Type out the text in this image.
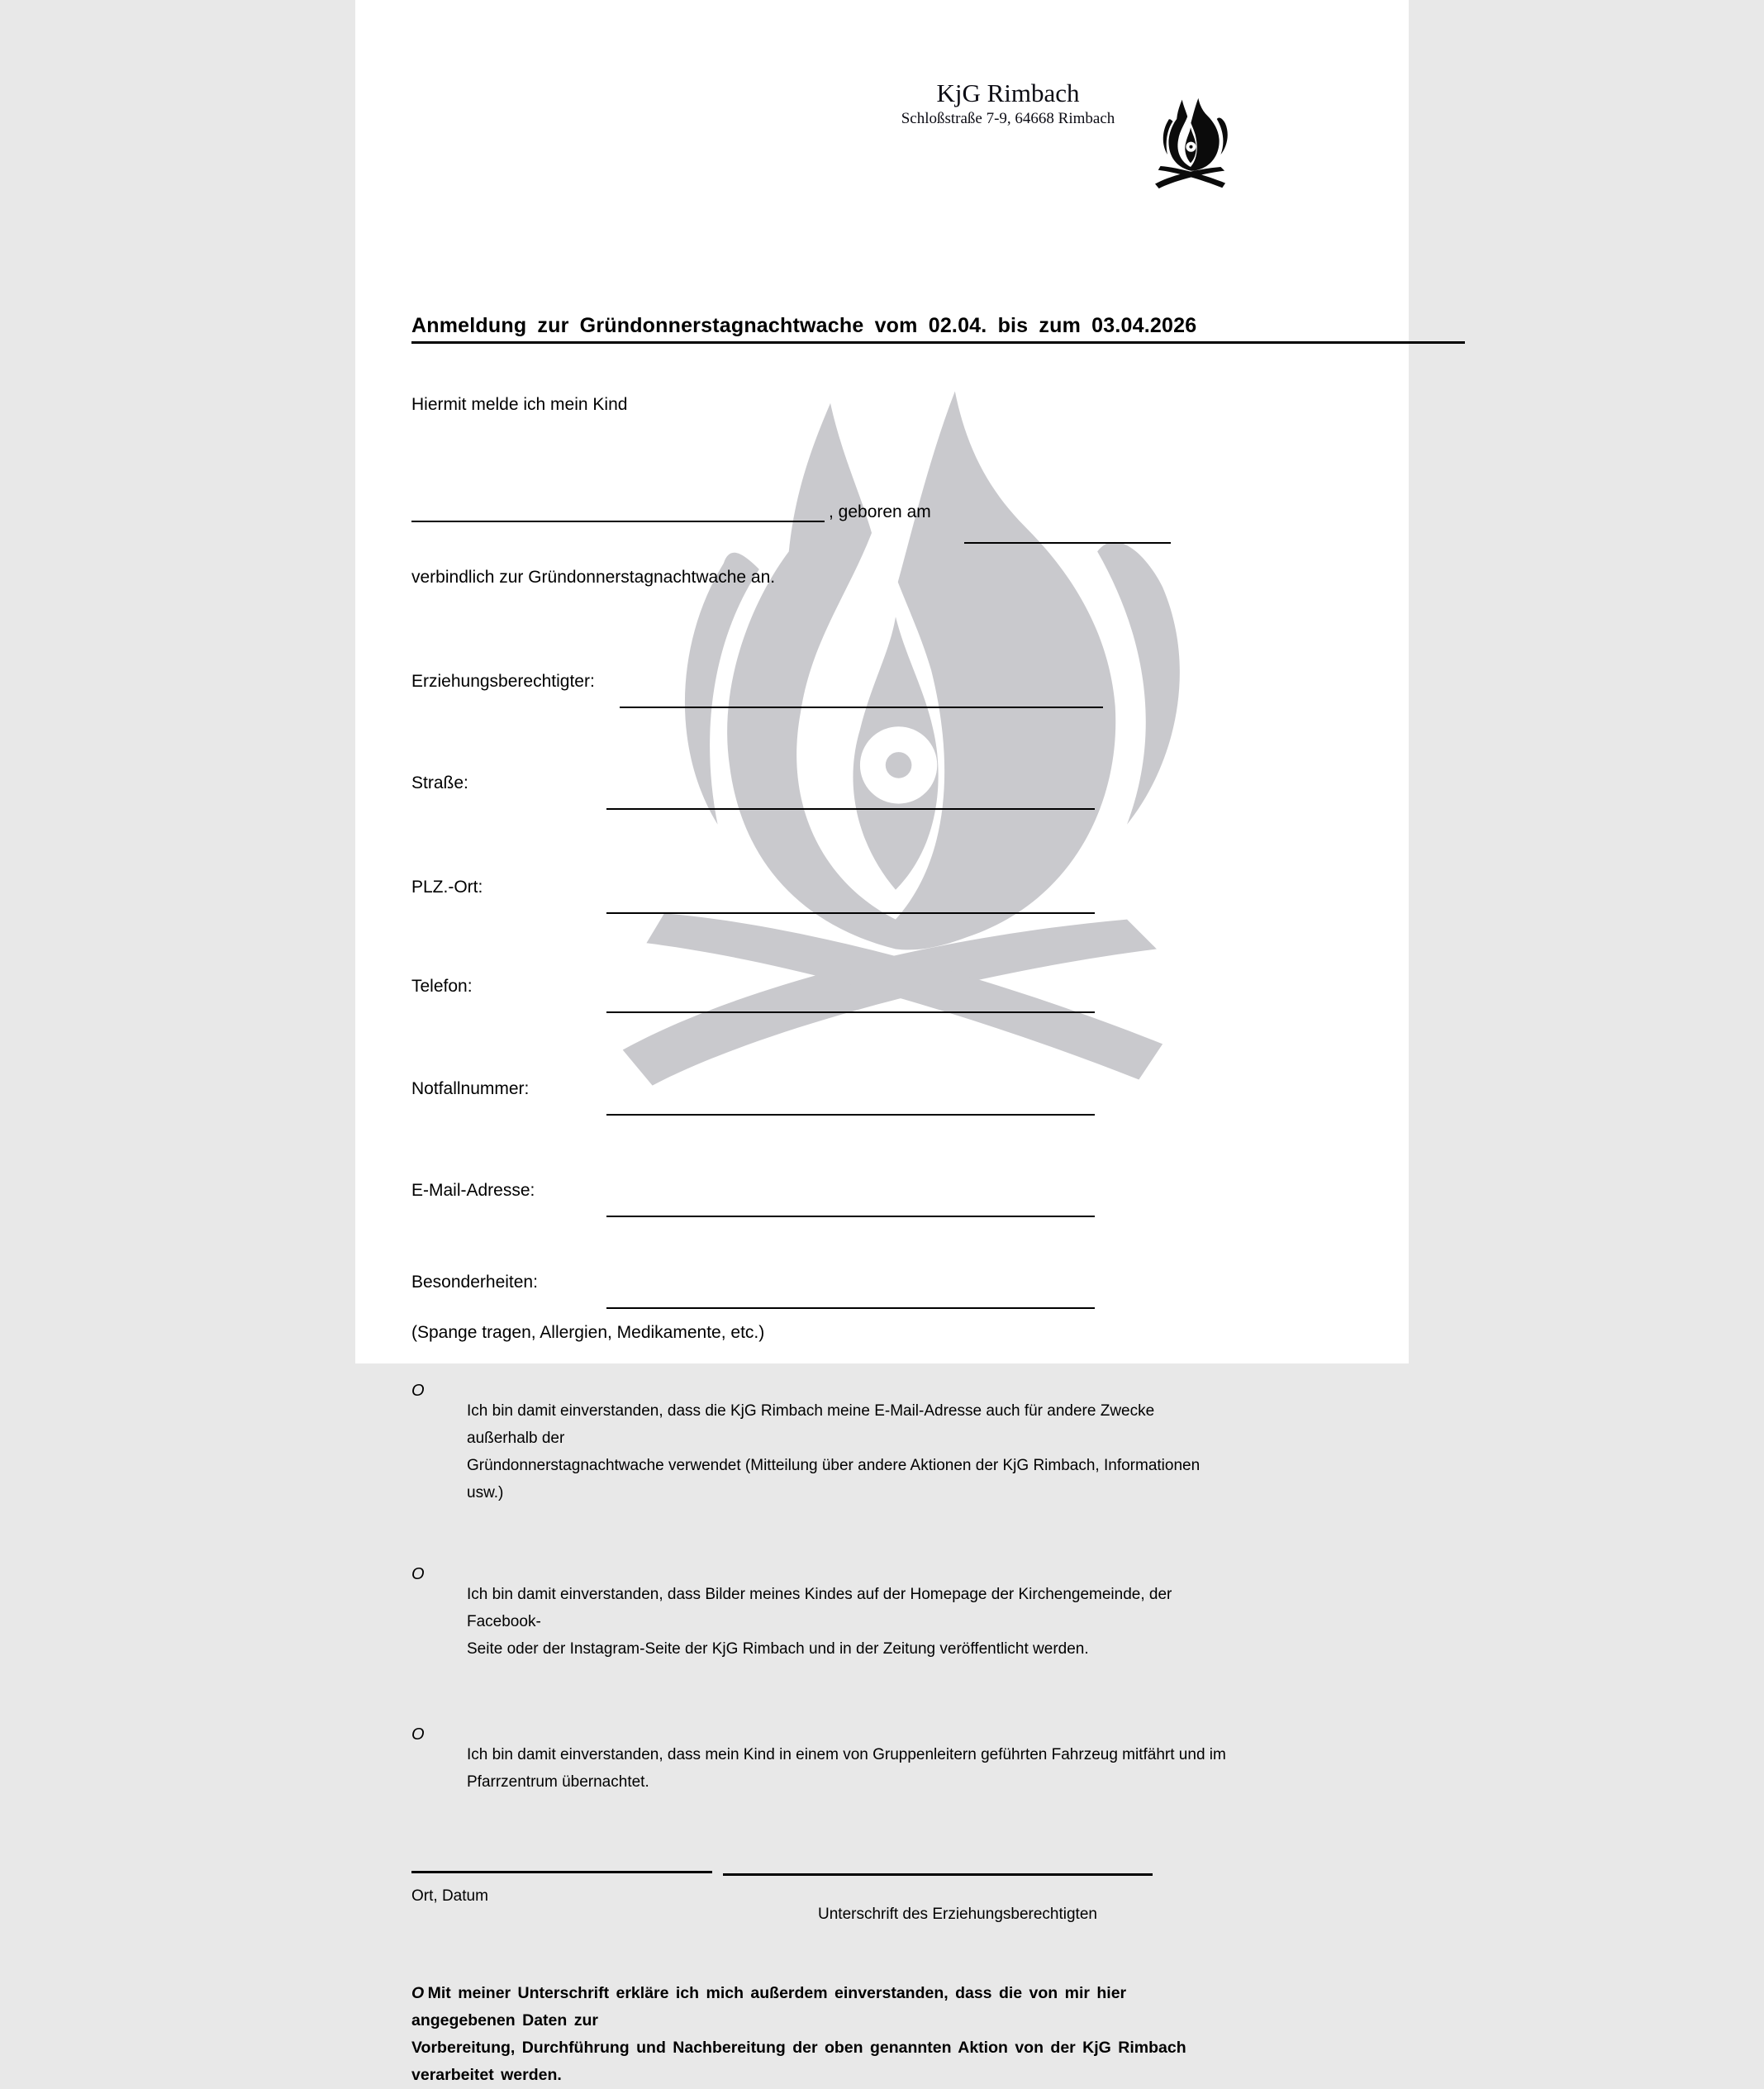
KjG Rimbach
Schloßstraße 7-9, 64668 Rimbach
Anmeldung zur Gründonnerstagnachtwache vom 02.04. bis zum 03.04.2026
Hiermit melde ich mein Kind
, geboren am
verbindlich zur Gründonnerstagnachtwache an.
Erziehungsberechtigter:
Straße:
PLZ.-Ort:
Telefon:
Notfallnummer:
E-Mail-Adresse:
Besonderheiten:
(Spange tragen, Allergien, Medikamente, etc.)
O
Ich bin damit einverstanden, dass die KjG Rimbach meine E-Mail-Adresse auch für andere Zwecke außerhalb der
Gründonnerstagnachtwache verwendet (Mitteilung über andere Aktionen der KjG Rimbach, Informationen usw.)
O
Ich bin damit einverstanden, dass Bilder meines Kindes auf der Homepage der Kirchengemeinde, der Facebook-
Seite oder der Instagram-Seite der KjG Rimbach und in der Zeitung veröffentlicht werden.
O
Ich bin damit einverstanden, dass mein Kind in einem von Gruppenleitern geführten Fahrzeug mitfährt und im
Pfarrzentrum übernachtet.
Ort, Datum
Unterschrift des Erziehungsberechtigten
O Mit meiner Unterschrift erkläre ich mich außerdem einverstanden, dass die von mir hier angegebenen Daten zur
Vorbereitung, Durchführung und Nachbereitung der oben genannten Aktion von der KjG Rimbach verarbeitet werden.
